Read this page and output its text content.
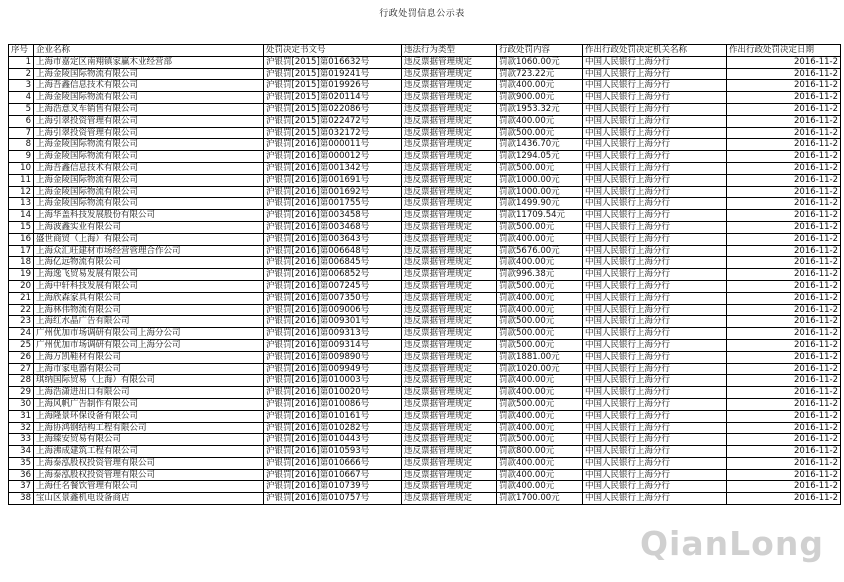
行政处罚信息公示表
序号	企业名称	处罚决定书文号	违法行为类型	行政处罚内容	作出行政处罚决定机关名称	作出行政处罚决定日期
1	上海市嘉定区南翔镇家赢木业经营部	沪银罚[2015]第016632号	违反票据管理规定	罚款1060.00元	中国人民银行上海分行	2016-11-2
2	上海金陵国际物流有限公司	沪银罚[2015]第019241号	违反票据管理规定	罚款723.22元	中国人民银行上海分行	2016-11-2
3	上海吾鑫信息技术有限公司	沪银罚[2015]第019926号	违反票据管理规定	罚款400.00元	中国人民银行上海分行	2016-11-2
4	上海金陵国际物流有限公司	沪银罚[2015]第020114号	违反票据管理规定	罚款900.00元	中国人民银行上海分行	2016-11-2
5	上海浩意叉车销售有限公司	沪银罚[2015]第022086号	违反票据管理规定	罚款1953.32元	中国人民银行上海分行	2016-11-2
6	上海引翠投资管理有限公司	沪银罚[2015]第022472号	违反票据管理规定	罚款400.00元	中国人民银行上海分行	2016-11-2
7	上海引翠投资管理有限公司	沪银罚[2015]第032172号	违反票据管理规定	罚款500.00元	中国人民银行上海分行	2016-11-2
8	上海金陵国际物流有限公司	沪银罚[2016]第000011号	违反票据管理规定	罚款1436.70元	中国人民银行上海分行	2016-11-2
9	上海金陵国际物流有限公司	沪银罚[2016]第000012号	违反票据管理规定	罚款1294.05元	中国人民银行上海分行	2016-11-2
10	上海吾鑫信息技术有限公司	沪银罚[2016]第001342号	违反票据管理规定	罚款500.00元	中国人民银行上海分行	2016-11-2
11	上海金陵国际物流有限公司	沪银罚[2016]第001691号	违反票据管理规定	罚款1000.00元	中国人民银行上海分行	2016-11-2
12	上海金陵国际物流有限公司	沪银罚[2016]第001692号	违反票据管理规定	罚款1000.00元	中国人民银行上海分行	2016-11-2
13	上海金陵国际物流有限公司	沪银罚[2016]第001755号	违反票据管理规定	罚款1499.90元	中国人民银行上海分行	2016-11-2
14	上海华盖科技发展股份有限公司	沪银罚[2016]第003458号	违反票据管理规定	罚款11709.54元	中国人民银行上海分行	2016-11-2
15	上海波鑫实业有限公司	沪银罚[2016]第003468号	违反票据管理规定	罚款500.00元	中国人民银行上海分行	2016-11-2
16	盛世商贸（上海）有限公司	沪银罚[2016]第003643号	违反票据管理规定	罚款400.00元	中国人民银行上海分行	2016-11-2
17	上海众汇旺建材市场经营管理合作公司	沪银罚[2016]第006648号	违反票据管理规定	罚款5676.00元	中国人民银行上海分行	2016-11-2
18	上海亿远物流有限公司	沪银罚[2016]第006845号	违反票据管理规定	罚款400.00元	中国人民银行上海分行	2016-11-2
19	上海逸飞贸易发展有限公司	沪银罚[2016]第006852号	违反票据管理规定	罚款996.38元	中国人民银行上海分行	2016-11-2
20	上海中轩科技发展有限公司	沪银罚[2016]第007245号	违反票据管理规定	罚款500.00元	中国人民银行上海分行	2016-11-2
21	上海欣森家具有限公司	沪银罚[2016]第007350号	违反票据管理规定	罚款400.00元	中国人民银行上海分行	2016-11-2
22	上海林伟物流有限公司	沪银罚[2016]第009006号	违反票据管理规定	罚款400.00元	中国人民银行上海分行	2016-11-2
23	上海红水晶广告有限公司	沪银罚[2016]第009301号	违反票据管理规定	罚款500.00元	中国人民银行上海分行	2016-11-2
24	广州优加市场调研有限公司上海分公司	沪银罚[2016]第009313号	违反票据管理规定	罚款500.00元	中国人民银行上海分行	2016-11-2
25	广州优加市场调研有限公司上海分公司	沪银罚[2016]第009314号	违反票据管理规定	罚款500.00元	中国人民银行上海分行	2016-11-2
26	上海万凯鞋材有限公司	沪银罚[2016]第009890号	违反票据管理规定	罚款1881.00元	中国人民银行上海分行	2016-11-2
27	上海市家电器有限公司	沪银罚[2016]第009949号	违反票据管理规定	罚款1020.00元	中国人民银行上海分行	2016-11-2
28	琪纳国际贸易（上海）有限公司	沪银罚[2016]第010003号	违反票据管理规定	罚款400.00元	中国人民银行上海分行	2016-11-2
29	上海浩潇进出口有限公司	沪银罚[2016]第010020号	违反票据管理规定	罚款400.00元	中国人民银行上海分行	2016-11-2
30	上海风帆广告制作有限公司	沪银罚[2016]第010086号	违反票据管理规定	罚款500.00元	中国人民银行上海分行	2016-11-2
31	上海隆景环保设备有限公司	沪银罚[2016]第010161号	违反票据管理规定	罚款400.00元	中国人民银行上海分行	2016-11-2
32	上海协鸿钢结构工程有限公司	沪银罚[2016]第010282号	违反票据管理规定	罚款400.00元	中国人民银行上海分行	2016-11-2
33	上海臻安贸易有限公司	沪银罚[2016]第010443号	违反票据管理规定	罚款500.00元	中国人民银行上海分行	2016-11-2
34	上海沸成建筑工程有限公司	沪银罚[2016]第010593号	违反票据管理规定	罚款800.00元	中国人民银行上海分行	2016-11-2
35	上海泰泓股权投资管理有限公司	沪银罚[2016]第010666号	违反票据管理规定	罚款400.00元	中国人民银行上海分行	2016-11-2
36	上海泰泓股权投资管理有限公司	沪银罚[2016]第010667号	违反票据管理规定	罚款400.00元	中国人民银行上海分行	2016-11-2
37	上海任名餐饮管理有限公司	沪银罚[2016]第010739号	违反票据管理规定	罚款400.00元	中国人民银行上海分行	2016-11-2
38	宝山区景鑫机电设备商店	沪银罚[2016]第010757号	违反票据管理规定	罚款1700.00元	中国人民银行上海分行	2016-11-2
QianLong
